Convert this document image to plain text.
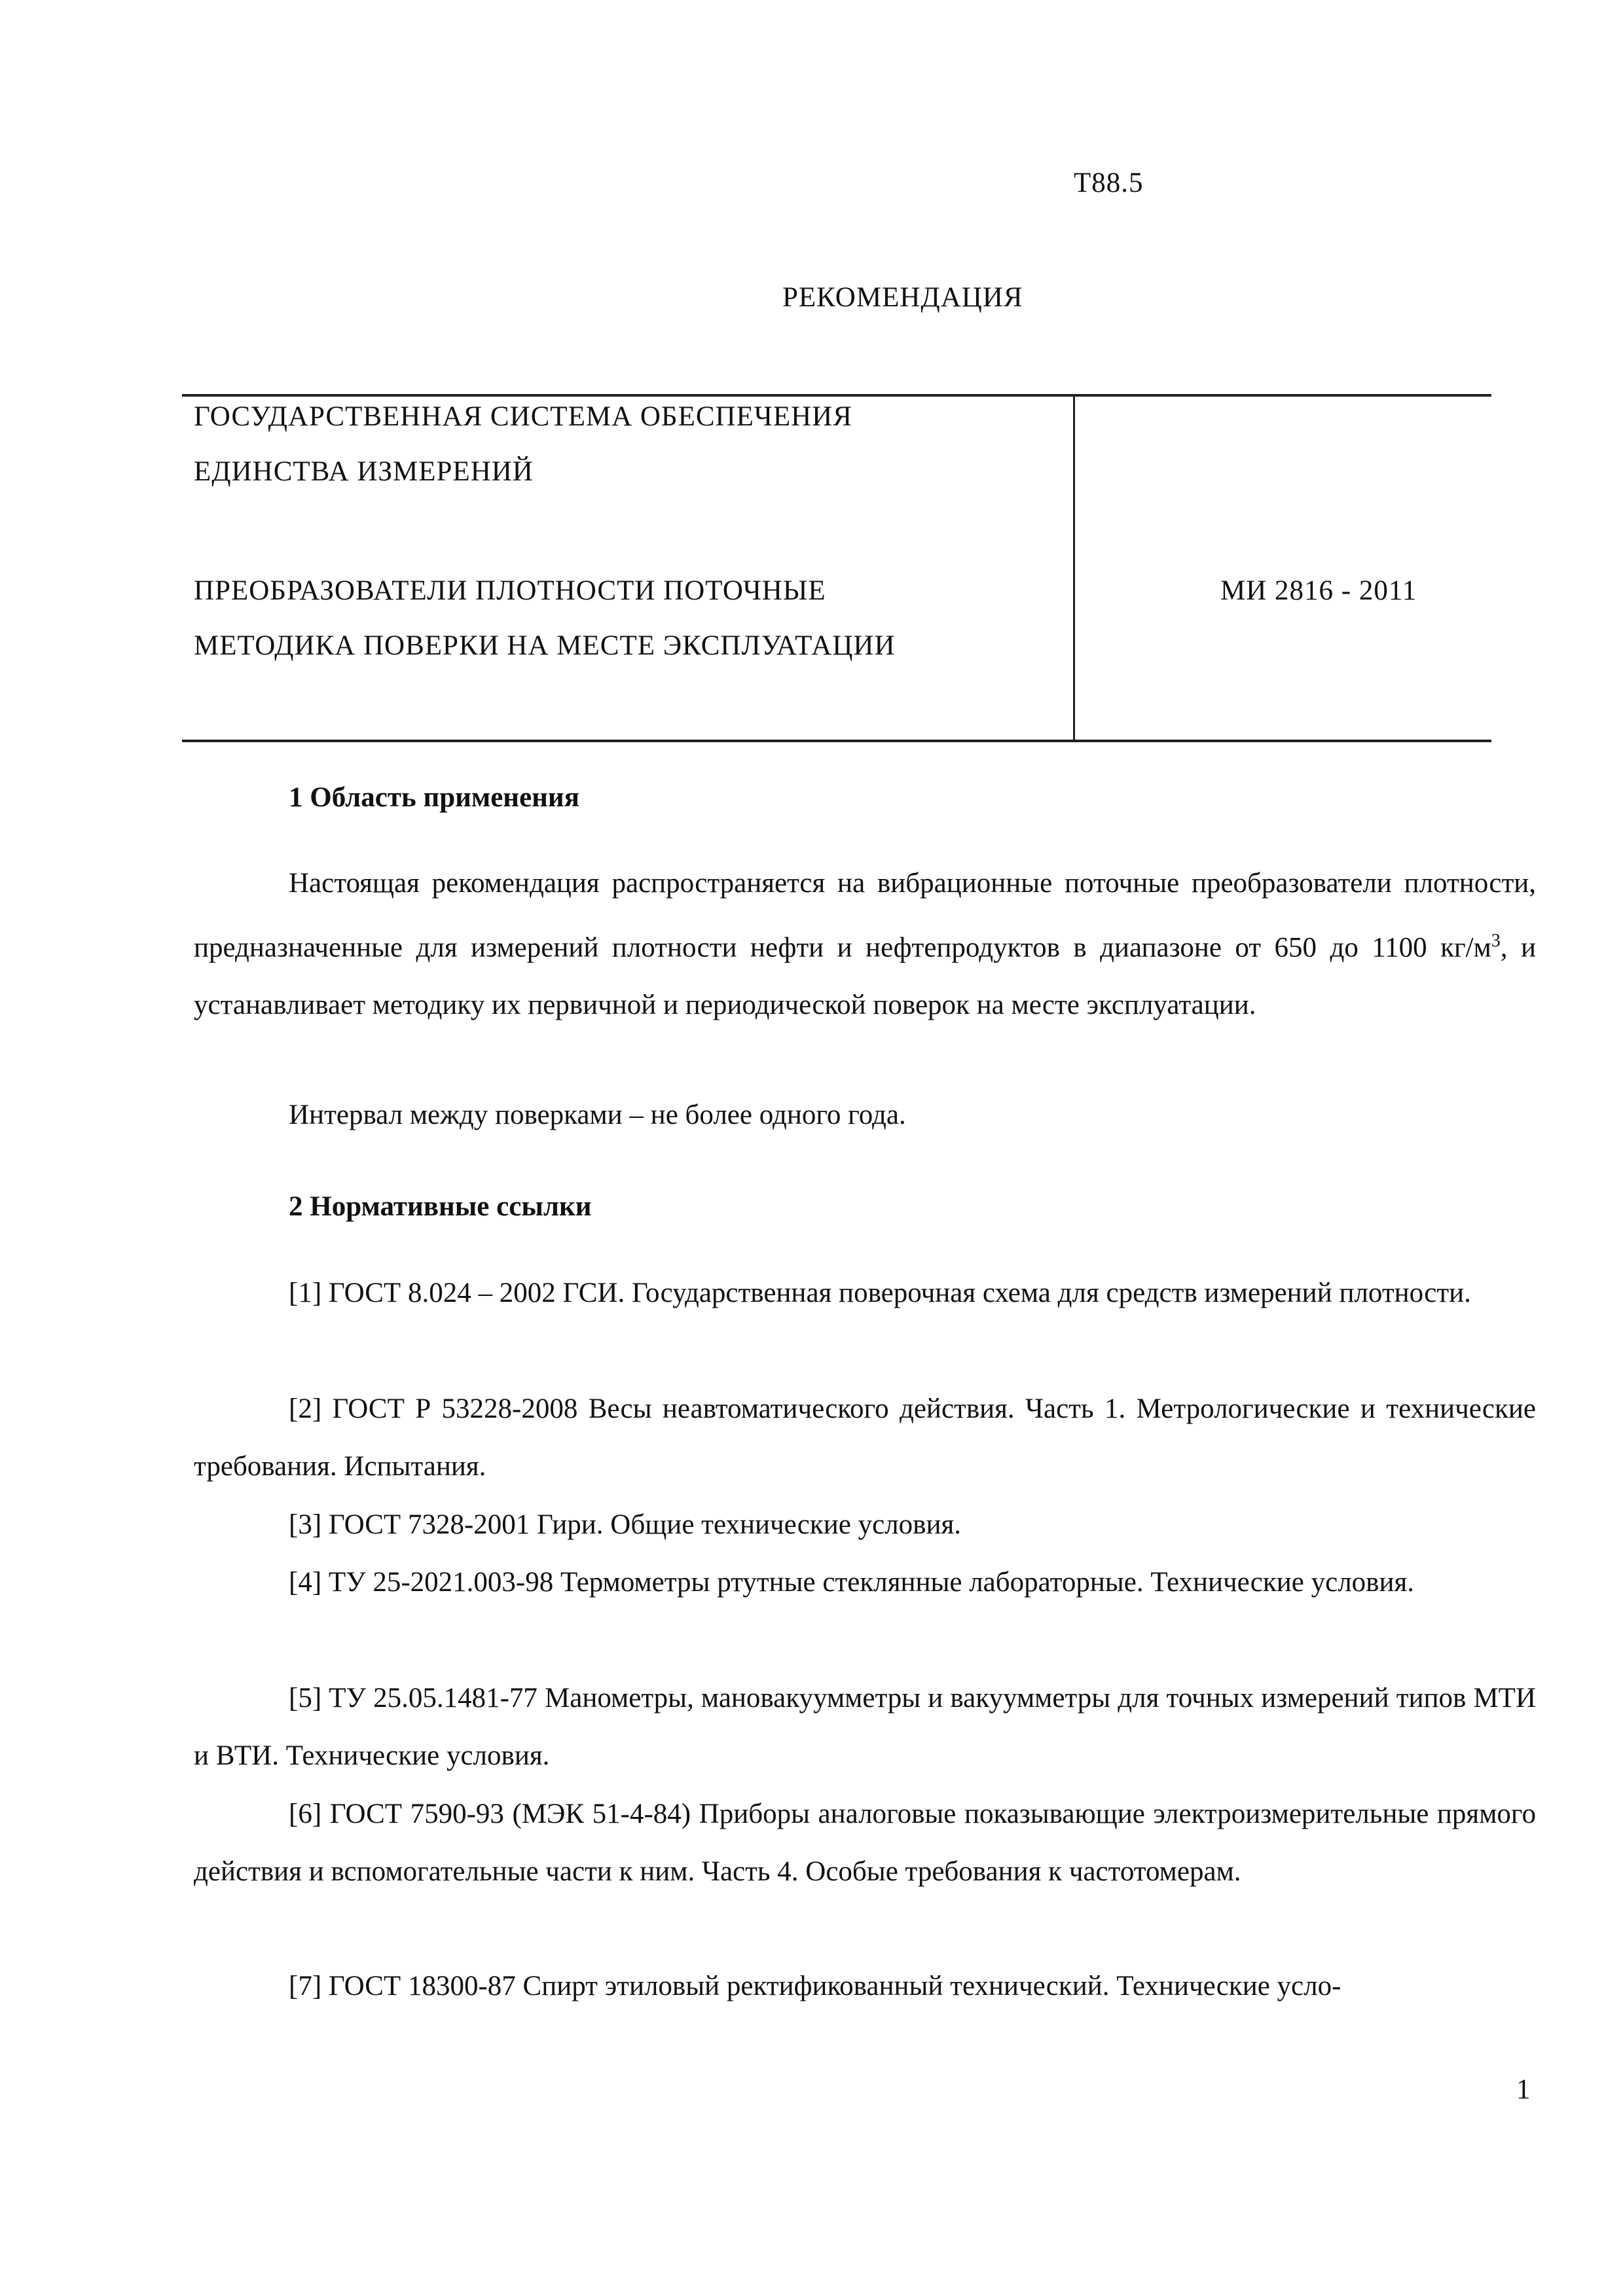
Т88.5
РЕКОМЕНДАЦИЯ
ГОСУДАРСТВЕННАЯ СИСТЕМА ОБЕСПЕЧЕНИЯ
ЕДИНСТВА ИЗМЕРЕНИЙ
ПРЕОБРАЗОВАТЕЛИ ПЛОТНОСТИ ПОТОЧНЫЕ
МЕТОДИКА ПОВЕРКИ НА МЕСТЕ ЭКСПЛУАТАЦИИ
МИ 2816 - 2011
1 Область применения
Настоящая рекомендация распространяется на вибрационные поточные преобразователи плотности, предназначенные для измерений плотности нефти и нефтепродуктов в диапазоне от 650 до 1100 $кг/м^3$, и устанавливает методику их первичной и периодической поверок на месте эксплуатации.
Интервал между поверками – не более одного года.
2 Нормативные ссылки
[1] ГОСТ 8.024 – 2002 ГСИ. Государственная поверочная схема для средств измерений плотности.
[2] ГОСТ Р 53228-2008 Весы неавтоматического действия. Часть 1. Метрологические и технические требования. Испытания.
[3] ГОСТ 7328-2001 Гири. Общие технические условия.
[4] ТУ 25-2021.003-98 Термометры ртутные стеклянные лабораторные. Технические условия.
[5] ТУ 25.05.1481-77 Манометры, мановакуумметры и вакуумметры для точных измерений типов МТИ и ВТИ. Технические условия.
[6] ГОСТ 7590-93 (МЭК 51-4-84) Приборы аналоговые показывающие электроизмерительные прямого действия и вспомогательные части к ним. Часть 4. Особые требования к частотомерам.
[7] ГОСТ 18300-87 Спирт этиловый ректификованный технический. Технические усло-
1
